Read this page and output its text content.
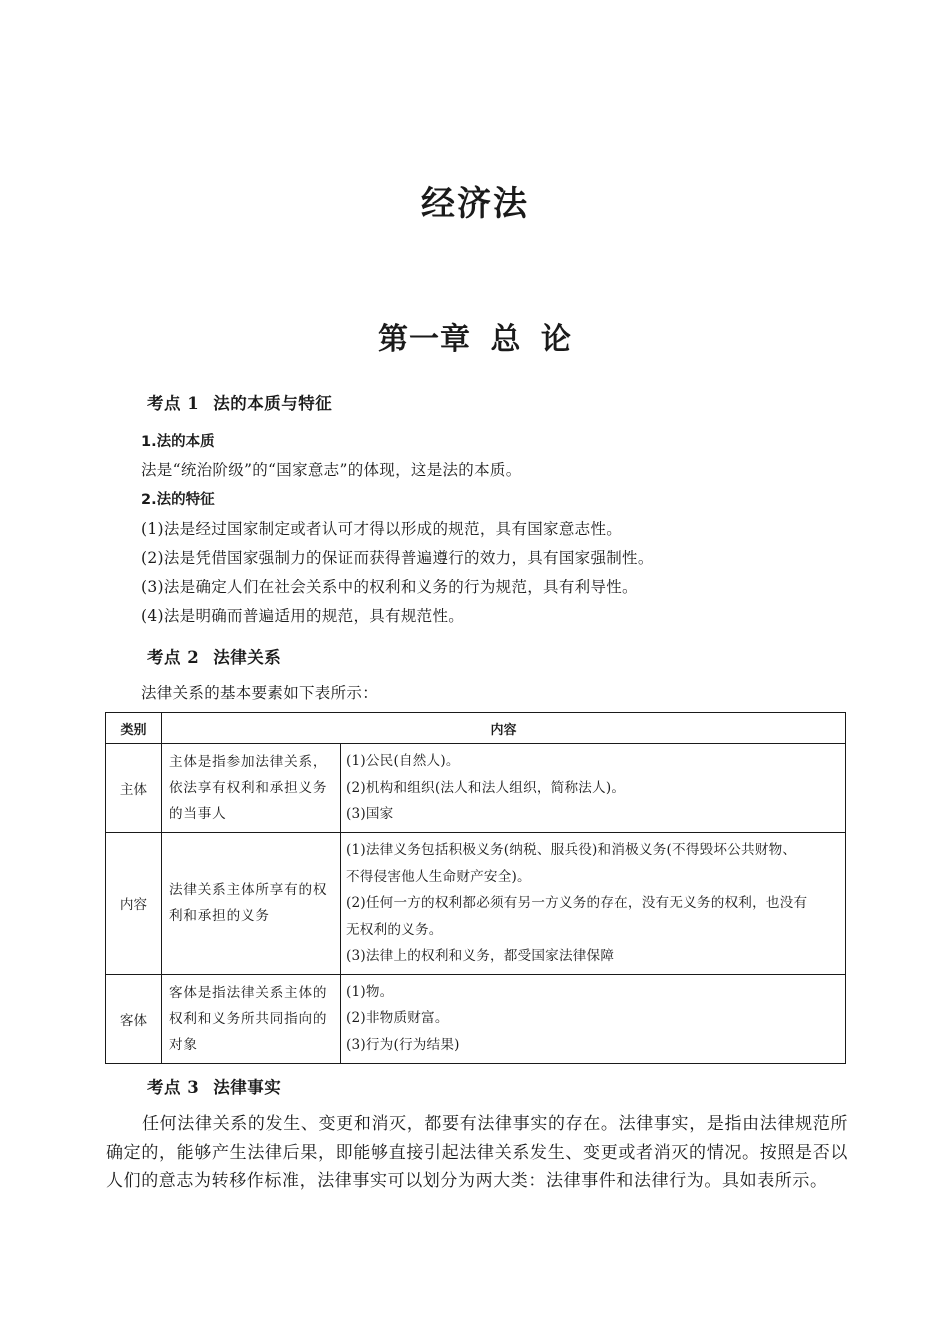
经济法
第一章 总 论
考点 1 法的本质与特征
1.法的本质
法是“统治阶级”的“国家意志”的体现，这是法的本质。
2.法的特征
(1)法是经过国家制定或者认可才得以形成的规范，具有国家意志性。
(2)法是凭借国家强制力的保证而获得普遍遵行的效力，具有国家强制性。
(3)法是确定人们在社会关系中的权利和义务的行为规范，具有利导性。
(4)法是明确而普遍适用的规范，具有规范性。
考点 2 法律关系
法律关系的基本要素如下表所示：
类别	内容	
主体	主体是指参加法律关系，依法享有权利和承担义务的当事人	(1)公民(自然人)。
(2)机构和组织(法人和法人组织，简称法人)。
(3)国家

内容	法律关系主体所享有的权利和承担的义务	(1)法律义务包括积极义务(纳税、服兵役)和消极义务(不得毁坏公共财物、
不得侵害他人生命财产安全)。
(2)任何一方的权利都必须有另一方义务的存在，没有无义务的权利，也没有
无权利的义务。
(3)法律上的权利和义务，都受国家法律保障

客体	客体是指法律关系主体的权利和义务所共同指向的对象	(1)物。
(2)非物质财富。
(3)行为(行为结果)
考点 3 法律事实
任何法律关系的发生、变更和消灭，都要有法律事实的存在。法律事实，是指由法律规范所确定的，能够产生法律后果，即能够直接引起法律关系发生、变更或者消灭的情况。按照是否以人们的意志为转移作标准，法律事实可以划分为两大类：法律事件和法律行为。具如表所示。
